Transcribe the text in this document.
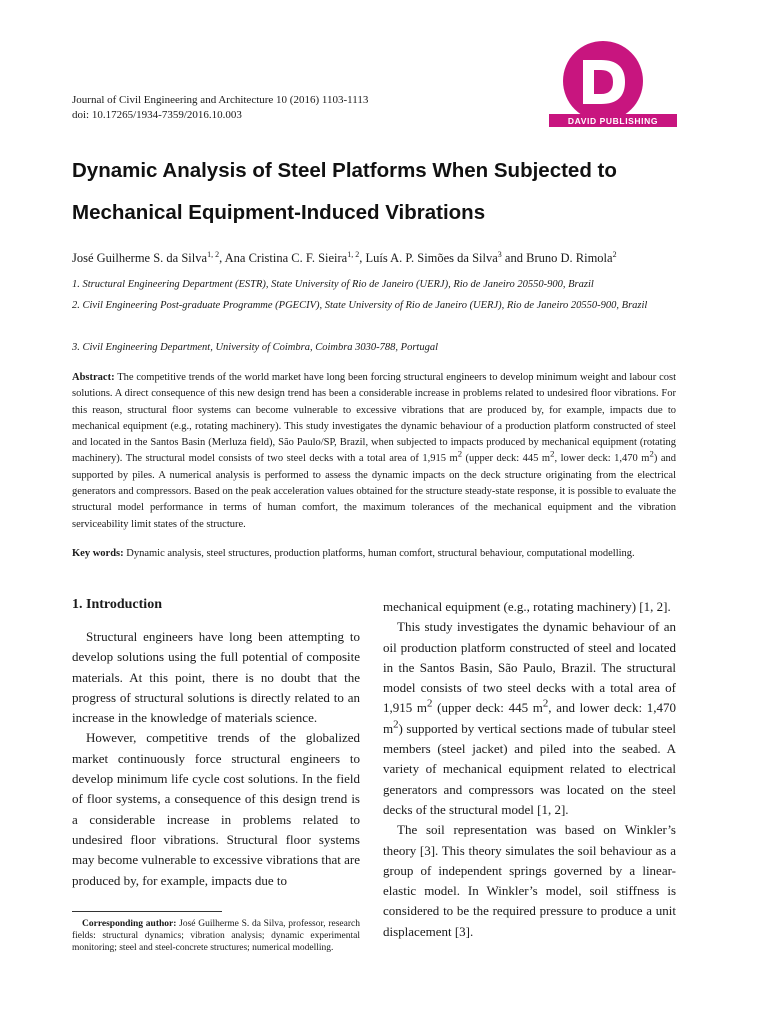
Journal of Civil Engineering and Architecture 10 (2016) 1103-1113
doi: 10.17265/1934-7359/2016.10.003	DAVID PUBLISHING
Dynamic Analysis of Steel Platforms When Subjected to
Mechanical Equipment-Induced Vibrations
José Guilherme S. da Silva$^{1, 2}$, Ana Cristina C. F. Sieira$^{1, 2}$, Luís A. P. Simões da Silva$^3$ and Bruno D. Rimola$^2$
1. Structural Engineering Department (ESTR), State University of Rio de Janeiro (UERJ), Rio de Janeiro 20550-900, Brazil
2. Civil Engineering Post-graduate Programme (PGECIV), State University of Rio de Janeiro (UERJ), Rio de Janeiro 20550-900, Brazil
3. Civil Engineering Department, University of Coimbra, Coimbra 3030-788, Portugal
Abstract: The competitive trends of the world market have long been forcing structural engineers to develop minimum weight and labour cost solutions. A direct consequence of this new design trend has been a considerable increase in problems related to undesired floor vibrations. For this reason, structural floor systems can become vulnerable to excessive vibrations that are produced by, for example, impacts due to mechanical equipment (e.g., rotating machinery). This study investigates the dynamic behaviour of a production platform constructed of steel and located in the Santos Basin (Merluza field), São Paulo/SP, Brazil, when subjected to impacts produced by mechanical equipment (rotating machinery). The structural model consists of two steel decks with a total area of 1,915 $m^2$ (upper deck: 445 $m^2$, lower deck: 1,470 $m^2$) and supported by piles. A numerical analysis is performed to assess the dynamic impacts on the deck structure originating from the electrical generators and compressors. Based on the peak acceleration values obtained for the structure steady-state response, it is possible to evaluate the structural model performance in terms of human comfort, the maximum tolerances of the mechanical equipment and the vibration serviceability limit states of the structure.
Key words: Dynamic analysis, steel structures, production platforms, human comfort, structural behaviour, computational modelling.
1. Introduction

Structural engineers have long been attempting to develop solutions using the full potential of composite materials. At this point, there is no doubt that the progress of structural solutions is directly related to an increase in the knowledge of materials science.

However, competitive trends of the globalized market continuously force structural engineers to develop minimum life cycle cost solutions. In the field of floor systems, a consequence of this design trend is a considerable increase in problems related to undesired floor vibrations. Structural floor systems may become vulnerable to excessive vibrations that are produced by, for example, impacts due to

mechanical equipment (e.g., rotating machinery) [1, 2].

This study investigates the dynamic behaviour of an oil production platform constructed of steel and located in the Santos Basin, São Paulo, Brazil. The structural model consists of two steel decks with a total area of 1,915 $m^2$ (upper deck: 445 $m^2$, and lower deck: 1,470 $m^2$) supported by vertical sections made of tubular steel members (steel jacket) and piled into the seabed. A variety of mechanical equipment related to electrical generators and compressors was located on the steel decks of the structural model [1, 2].

The soil representation was based on Winkler’s theory [3]. This theory simulates the soil behaviour as a group of independent springs governed by a linear-elastic model. In Winkler’s model, soil stiffness is considered to be the required pressure to produce a unit displacement [3].

Corresponding author: José Guilherme S. da Silva, professor, research fields: structural dynamics; vibration analysis; dynamic experimental monitoring; steel and steel-concrete structures; numerical modelling.
